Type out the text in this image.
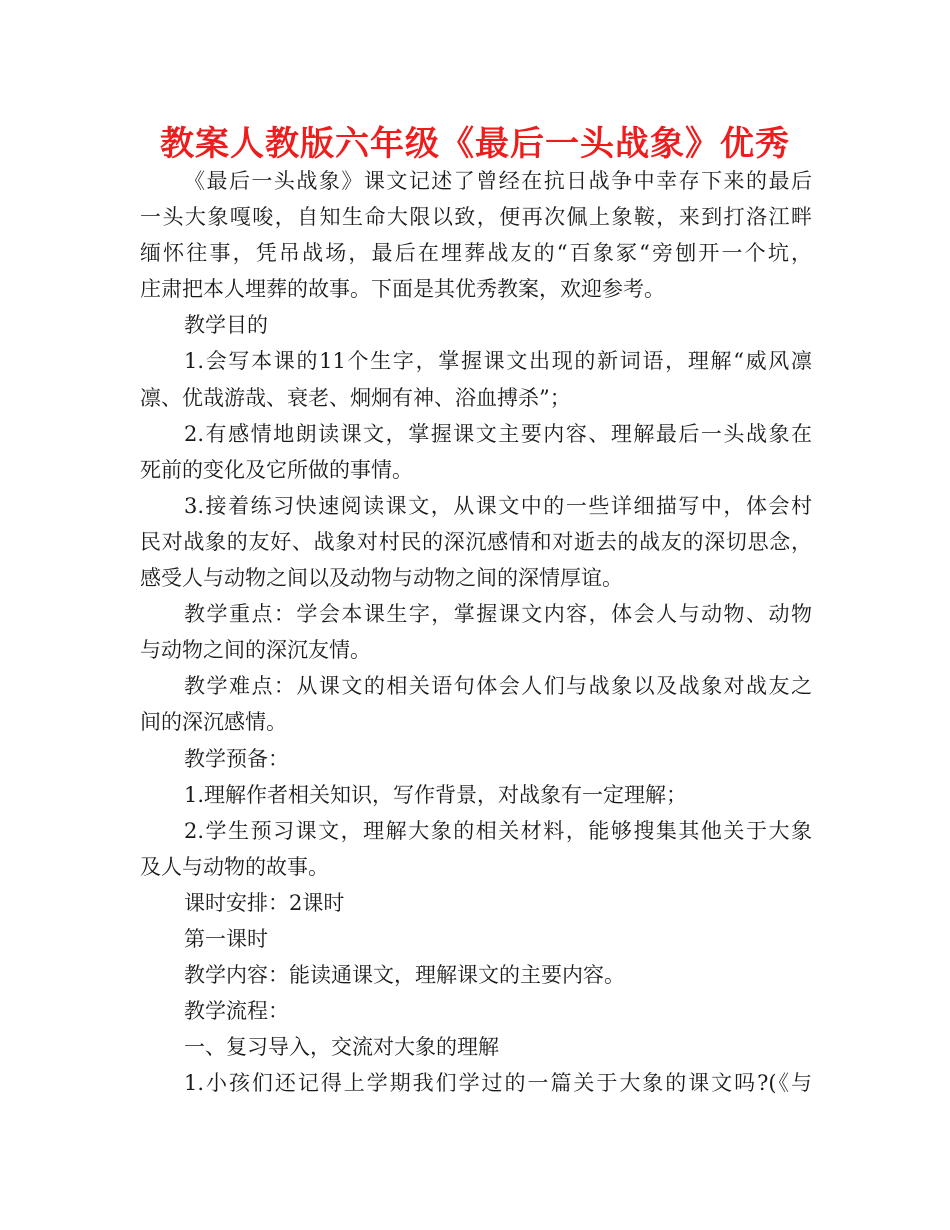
教案人教版六年级《最后一头战象》优秀
《最后一头战象》课文记述了曾经在抗日战争中幸存下来的最后
一头大象嘎唆，自知生命大限以致，便再次佩上象鞍，来到打洛江畔
缅怀往事，凭吊战场，最后在埋葬战友的“百象冢“旁刨开一个坑，
庄肃把本人埋葬的故事。下面是其优秀教案，欢迎参考。
教学目的
1.会写本课的11个生字，掌握课文出现的新词语，理解“威风凛
凛、优哉游哉、衰老、炯炯有神、浴血搏杀”；
2.有感情地朗读课文，掌握课文主要内容、理解最后一头战象在
死前的变化及它所做的事情。
3.接着练习快速阅读课文，从课文中的一些详细描写中，体会村
民对战象的友好、战象对村民的深沉感情和对逝去的战友的深切思念，
感受人与动物之间以及动物与动物之间的深情厚谊。
教学重点：学会本课生字，掌握课文内容，体会人与动物、动物
与动物之间的深沉友情。
教学难点：从课文的相关语句体会人们与战象以及战象对战友之
间的深沉感情。
教学预备：
1.理解作者相关知识，写作背景，对战象有一定理解；
2.学生预习课文，理解大象的相关材料，能够搜集其他关于大象
及人与动物的故事。
课时安排：2课时
第一课时
教学内容：能读通课文，理解课文的主要内容。
教学流程：
一、复习导入，交流对大象的理解
1.小孩们还记得上学期我们学过的一篇关于大象的课文吗?(《与
